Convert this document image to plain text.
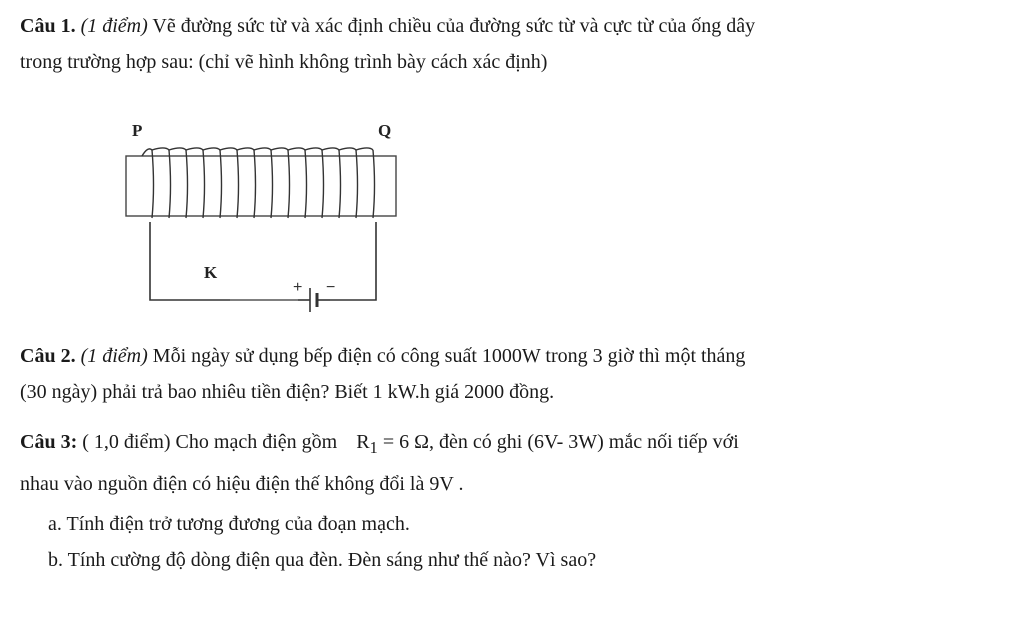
Câu 1. (1 điểm) Vẽ đường sức từ và xác định chiều của đường sức từ và cực từ của ống dây
trong trường hợp sau: (chỉ vẽ hình không trình bày cách xác định)

P	Q
K
+ −

Câu 2. (1 điểm) Mỗi ngày sử dụng bếp điện có công suất 1000W trong 3 giờ thì một tháng
(30 ngày) phải trả bao nhiêu tiền điện? Biết 1 kW.h giá 2000 đồng.

Câu 3: ( 1,0 điểm) Cho mạch điện gồm $R_1 = 6$ Ω, đèn có ghi (6V- 3W) mắc nối tiếp với
nhau vào nguồn điện có hiệu điện thế không đổi là 9V .

a. Tính điện trở tương đương của đoạn mạch.

b. Tính cường độ dòng điện qua đèn. Đèn sáng như thế nào? Vì sao?
